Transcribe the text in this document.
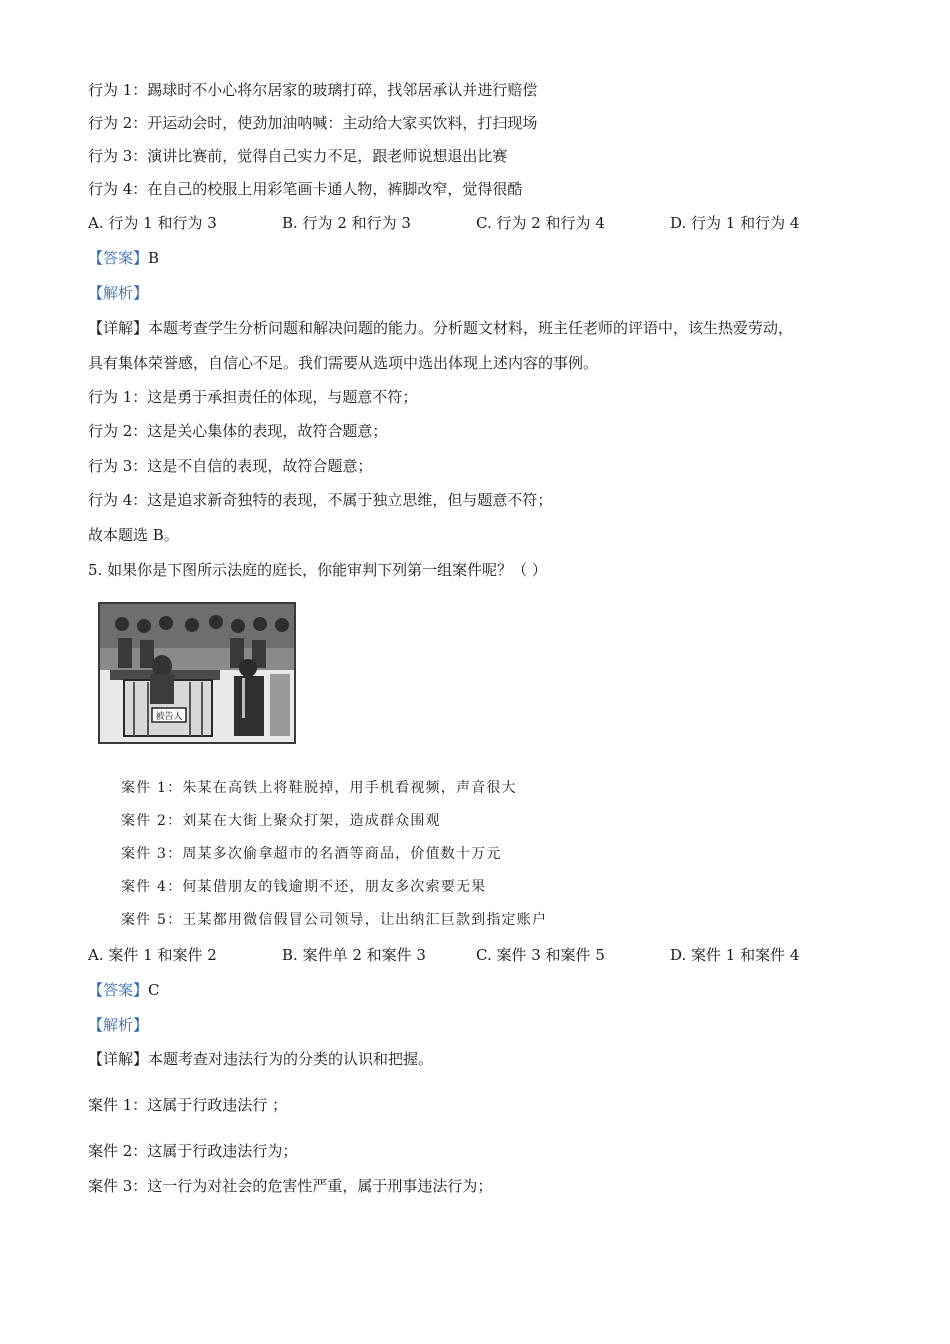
行为 1：踢球时不小心将尔居家的玻璃打碎，找邻居承认并进行赔偿

行为 2：开运动会时，使劲加油呐喊：主动给大家买饮料，打扫现场

行为 3：演讲比赛前，觉得自己实力不足，跟老师说想退出比赛

行为 4：在自己的校服上用彩笔画卡通人物，裤脚改窄，觉得很酷

A. 行为 1 和行为 3	B. 行为 2 和行为 3	C. 行为 2 和行为 4	D. 行为 1 和行为 4

【答案】B

【解析】

【详解】本题考查学生分析问题和解决问题的能力。分析题文材料，班主任老师的评语中，该生热爱劳动，

具有集体荣誉感，自信心不足。我们需要从选项中选出体现上述内容的事例。

行为 1：这是勇于承担责任的体现，与题意不符；

行为 2：这是关心集体的表现，故符合题意；

行为 3：这是不自信的表现，故符合题意；

行为 4：这是追求新奇独特的表现，不属于独立思维，但与题意不符；

故本题选 B。

5. 如果你是下图所示法庭的庭长，你能审判下列第一组案件呢？（ ）

被告人

案件 1：朱某在高铁上将鞋脱掉，用手机看视频，声音很大

案件 2：刘某在大街上聚众打架，造成群众围观

案件 3：周某多次偷拿超市的名酒等商品，价值数十万元

案件 4：何某借朋友的钱逾期不还，朋友多次索要无果

案件 5：王某都用微信假冒公司领导，让出纳汇巨款到指定账户

A. 案件 1 和案件 2	B. 案件单 2 和案件 3	C. 案件 3 和案件 5	D. 案件 1 和案件 4

【答案】C

【解析】

【详解】本题考查对违法行为的分类的认识和把握。

案件 1：这属于行政违法行 ；

案件 2：这属于行政违法行为；

案件 3：这一行为对社会的危害性严重，属于刑事违法行为；
